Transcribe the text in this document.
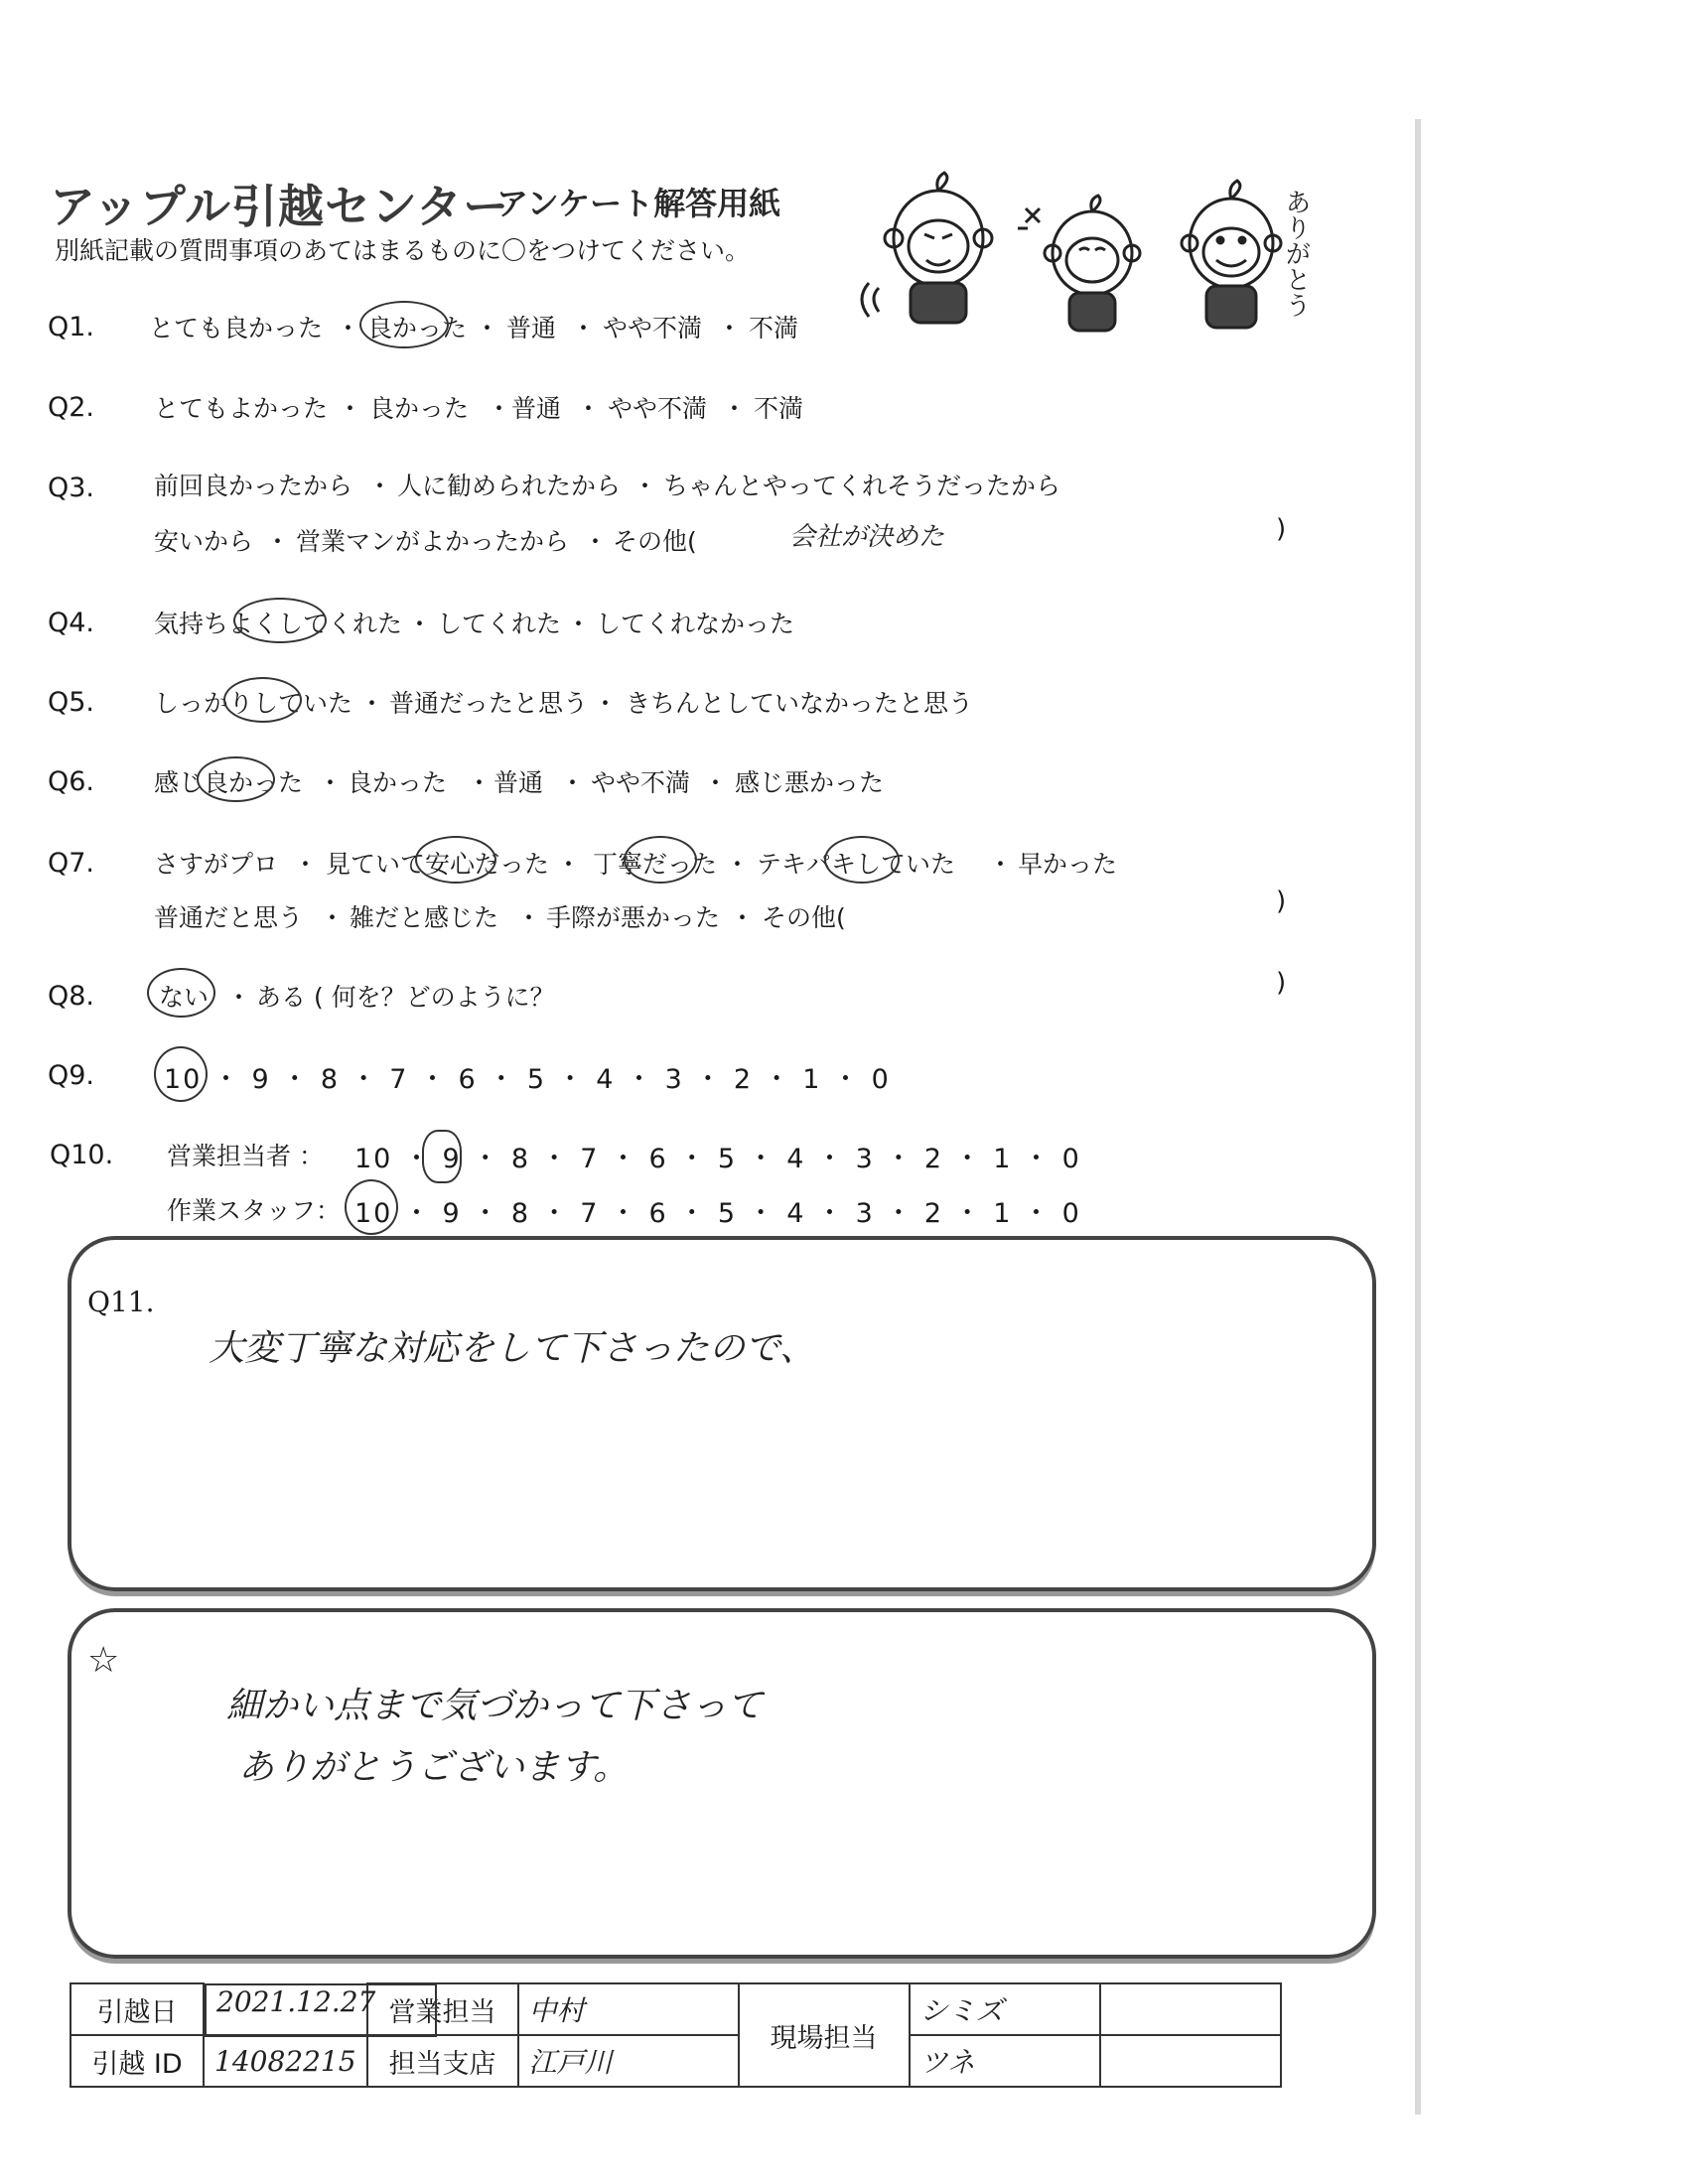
アップル引越センター
アンケート解答用紙
別紙記載の質問事項のあてはまるものに〇をつけてください。	ありがとう
Q1. とても良かった ・ 良かった ・ 普通 ・ やや不満 ・ 不満
Q2. とてもよかった ・ 良かった ・ 普通 ・ やや不満 ・ 不満
Q3. 前回良かったから ・ 人に勧められたから ・ ちゃんとやってくれそうだったから
安いから ・ 営業マンがよかったから ・ その他(	会社が決めた	)
Q4. 気持ちよくしてくれた ・ してくれた ・ してくれなかった
Q5. しっかりしていた ・ 普通だったと思う ・ きちんとしていなかったと思う
Q6. 感じ良かった ・ 良かった ・ 普通 ・ やや不満 ・ 感じ悪かった
Q7. さすがプロ ・ 見ていて安心だった ・ 丁寧だった ・ テキパキしていた ・ 早かった
普通だと思う ・ 雑だと感じた ・ 手際が悪かった ・ その他(
)
Q8.	ない ・ ある ( 何を？どのように？	)
Q9.	10 ・ 9 ・ 8 ・ 7 ・ 6 ・ 5 ・ 4 ・ 3 ・ 2 ・ 1 ・ 0
Q10. 営業担当者 ： 10 ・ 9 ・ 8 ・ 7 ・ 6 ・ 5 ・ 4 ・ 3 ・ 2 ・ 1 ・ 0
作業スタッフ： 10 ・ 9 ・ 8 ・ 7 ・ 6 ・ 5 ・ 4 ・ 3 ・ 2 ・ 1 ・ 0
Q11.
大変丁寧な対応をして下さったので、
☆
細かい点まで気づかって下さって
ありがとうございます。
引越日		2021.12.27 営業担当	中村	現場担当	シミズ	
引越 ID	14082215	担当支店	江戸川		ツネ	
